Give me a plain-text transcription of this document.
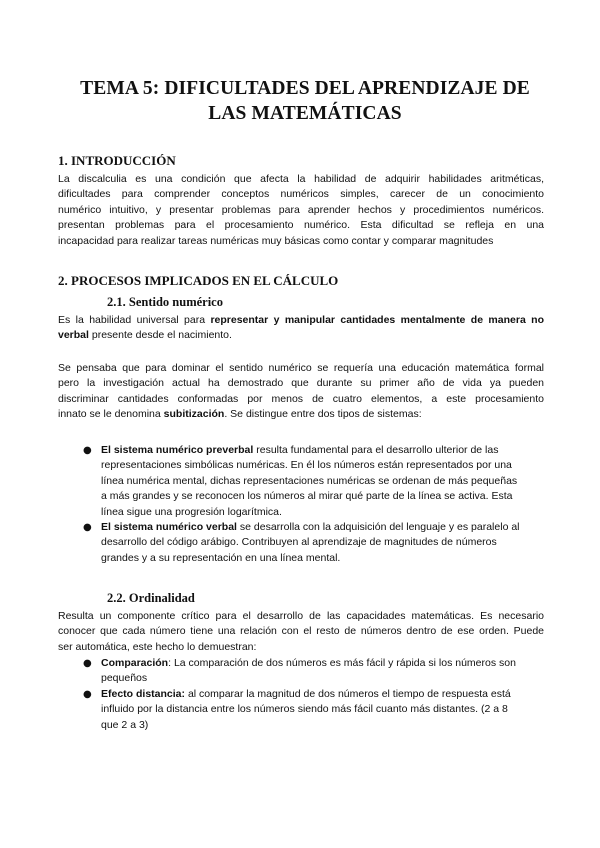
TEMA 5: DIFICULTADES DEL APRENDIZAJE DE
LAS MATEMÁTICAS
1. INTRODUCCIÓN
La discalculia es una condición que afecta la habilidad de adquirir habilidades aritméticas,
dificultades para comprender conceptos numéricos simples, carecer de un conocimiento
numérico intuitivo, y presentar problemas para aprender hechos y procedimientos numéricos.
presentan problemas para el procesamiento numérico. Esta dificultad se refleja en una
incapacidad para realizar tareas numéricas muy básicas como contar y comparar magnitudes
2. PROCESOS IMPLICADOS EN EL CÁLCULO
2.1. Sentido numérico
Es la habilidad universal para representar y manipular cantidades mentalmente de manera no
verbal presente desde el nacimiento.
Se pensaba que para dominar el sentido numérico se requería una educación matemática formal
pero la investigación actual ha demostrado que durante su primer año de vida ya pueden
discriminar cantidades conformadas por menos de cuatro elementos, a este procesamiento
innato se le denomina subitización. Se distingue entre dos tipos de sistemas:
● El sistema numérico preverbal resulta fundamental para el desarrollo ulterior de las
representaciones simbólicas numéricas. En él los números están representados por una
línea numérica mental, dichas representaciones numéricas se ordenan de más pequeñas
a más grandes y se reconocen los números al mirar qué parte de la línea se activa. Esta
línea sigue una progresión logarítmica.
● El sistema numérico verbal se desarrolla con la adquisición del lenguaje y es paralelo al
desarrollo del código arábigo. Contribuyen al aprendizaje de magnitudes de números
grandes y a su representación en una línea mental.
2.2. Ordinalidad
Resulta un componente crítico para el desarrollo de las capacidades matemáticas. Es necesario
conocer que cada número tiene una relación con el resto de números dentro de ese orden. Puede
ser automática, este hecho lo demuestran:
● Comparación: La comparación de dos números es más fácil y rápida si los números son
pequeños
● Efecto distancia: al comparar la magnitud de dos números el tiempo de respuesta está
influido por la distancia entre los números siendo más fácil cuanto más distantes. (2 a 8
que 2 a 3)
